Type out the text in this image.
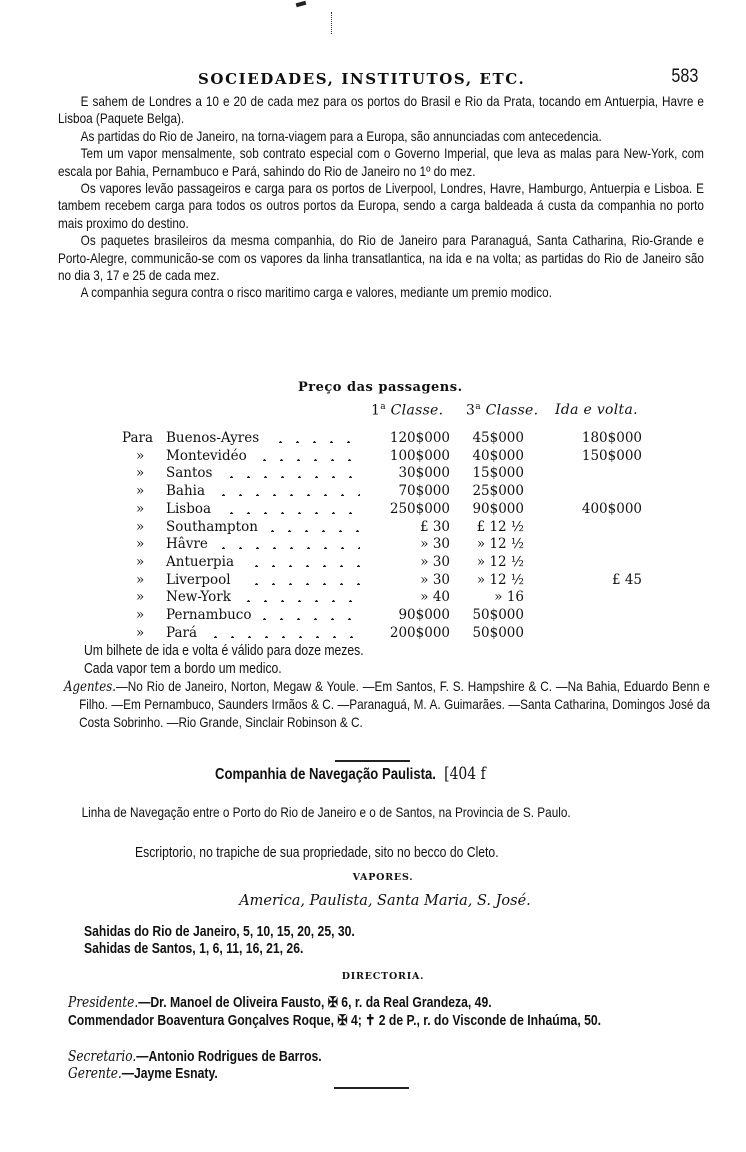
SOCIEDADES, INSTITUTOS, ETC.	583

E sahem de Londres a 10 e 20 de cada mez para os portos do Brasil e Rio da Prata, tocando em Antuerpia, Havre e Lisboa (Paquete Belga).

As partidas do Rio de Janeiro, na torna-viagem para a Europa, são annunciadas com antecedencia.

Tem um vapor mensalmente, sob contrato especial com o Governo Imperial, que leva as malas para New-York, com escala por Bahia, Pernambuco e Pará, sahindo do Rio de Janeiro no 1º do mez.

Os vapores levão passageiros e carga para os portos de Liverpool, Londres, Havre, Hamburgo, Antuerpia e Lisboa. E tambem recebem carga para todos os outros portos da Europa, sendo a carga baldeada á custa da companhia no porto mais proximo do destino.

Os paquetes brasileiros da mesma companhia, do Rio de Janeiro para Paranaguá, Santa Catharina, Rio-Grande e Porto-Alegre, communicão-se com os vapores da linha transatlantica, na ida e na volta; as partidas do Rio de Janeiro são no dia 3, 17 e 25 de cada mez.

A companhia segura contra o risco maritimo carga e valores, mediante um premio modico.

Preço das passagens.
1$^a$ Classe. 3$^a$ Classe. Ida e volta.
Para Buenos-Ayres	120$000 45$000	180$000
» Montevidéo	100$000 40$000	150$000
» Santos	30$000 15$000
» Bahia	70$000 25$000
» Lisboa	250$000 90$000	400$000
» Southampton	£ 30 £ 12 ½
» Hâvre	» 30 » 12 ½
» Antuerpia	» 30 » 12 ½
» Liverpool	» 30 » 12 ½	£ 45
» New-York	» 40	» 16
» Pernambuco	90$000 50$000
» Pará	200$000 50$000
Um bilhete de ida e volta é válido para doze mezes.
Cada vapor tem a bordo um medico.

Agentes.—No Rio de Janeiro, Norton, Megaw & Youle. —Em Santos, F. S. Hampshire & C. —Na Bahia, Eduardo Benn e Filho. —Em Pernambuco, Saunders Irmãos & C. —Paranaguá, M. A. Guimarães. —Santa Catharina, Domingos José da Costa Sobrinho. —Rio Grande, Sinclair Robinson & C.

Companhia de Navegação Paulista. [404 f

Linha de Navegação entre o Porto do Rio de Janeiro e o de Santos, na Provincia de S. Paulo.

Escriptorio, no trapiche de sua propriedade, sito no becco do Cleto.
VAPORES.
America, Paulista, Santa Maria, S. José.
Sahidas do Rio de Janeiro, 5, 10, 15, 20, 25, 30.
Sahidas de Santos, 1, 6, 11, 16, 21, 26.
DIRECTORIA.
Presidente.—Dr. Manoel de Oliveira Fausto, ✠ 6, r. da Real Grandeza, 49.

Commendador Boaventura Gonçalves Roque, ✠ 4; ✝ 2 de P., r. do Visconde de Inhaúma, 50.

Secretario.—Antonio Rodrigues de Barros.
Gerente.—Jayme Esnaty.
